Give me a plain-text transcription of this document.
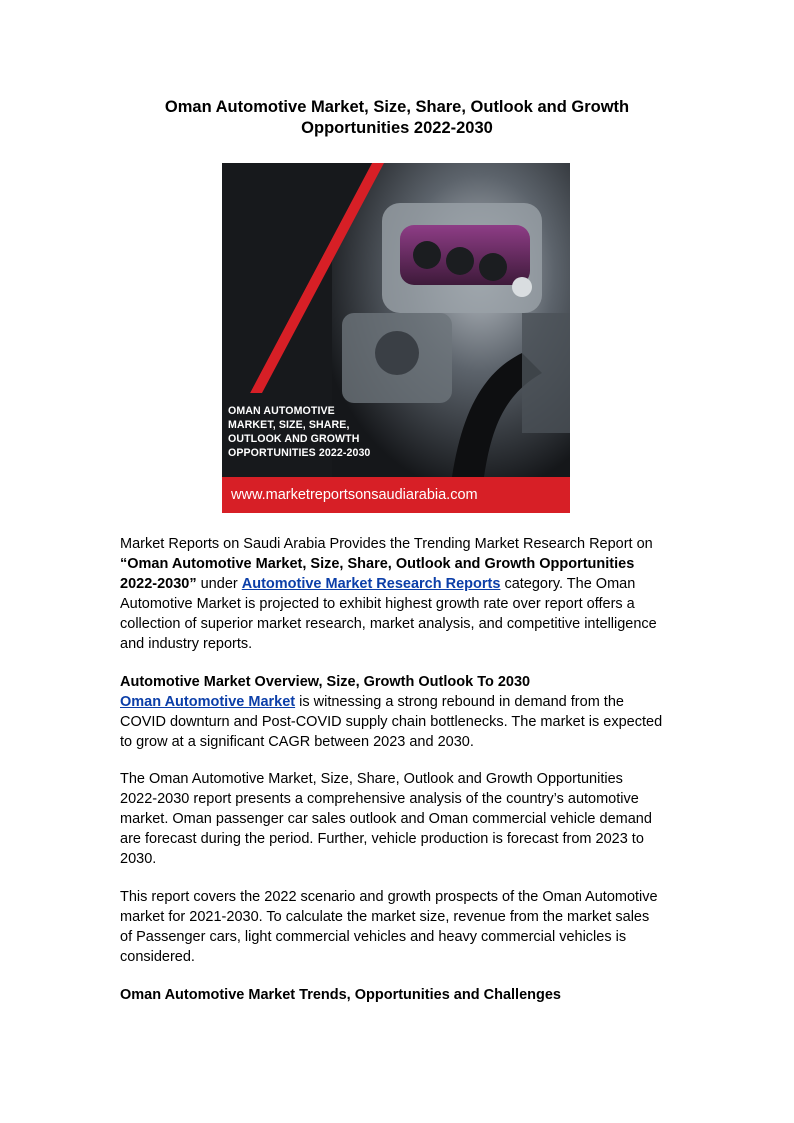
Oman Automotive Market, Size, Share, Outlook and Growth
Opportunities 2022-2030
OMAN AUTOMOTIVE
MARKET, SIZE, SHARE,
OUTLOOK AND GROWTH
OPPORTUNITIES 2022-2030
www.marketreportsonsaudiarabia.com
Market Reports on Saudi Arabia Provides the Trending Market Research Report on
“Oman Automotive Market, Size, Share, Outlook and Growth Opportunities
2022-2030” under Automotive Market Research Reports category. The Oman
Automotive Market is projected to exhibit highest growth rate over report offers a
collection of superior market research, market analysis, and competitive intelligence
and industry reports.
Automotive Market Overview, Size, Growth Outlook To 2030
Oman Automotive Market is witnessing a strong rebound in demand from the
COVID downturn and Post-COVID supply chain bottlenecks. The market is expected
to grow at a significant CAGR between 2023 and 2030.
The Oman Automotive Market, Size, Share, Outlook and Growth Opportunities
2022-2030 report presents a comprehensive analysis of the country’s automotive
market. Oman passenger car sales outlook and Oman commercial vehicle demand
are forecast during the period. Further, vehicle production is forecast from 2023 to
2030.
This report covers the 2022 scenario and growth prospects of the Oman Automotive
market for 2021-2030. To calculate the market size, revenue from the market sales
of Passenger cars, light commercial vehicles and heavy commercial vehicles is
considered.
Oman Automotive Market Trends, Opportunities and Challenges
